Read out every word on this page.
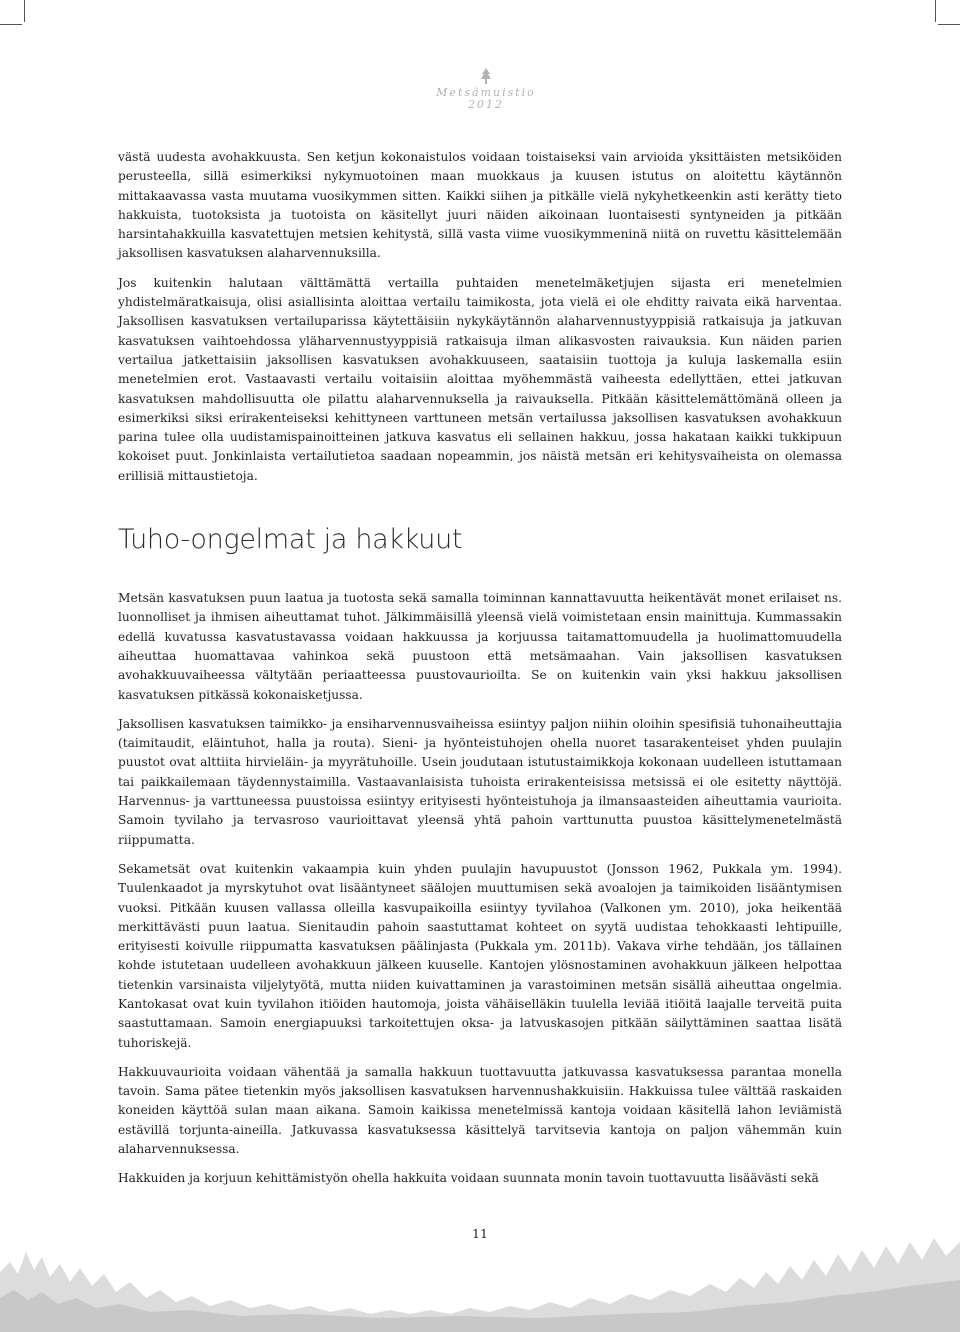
Metsämuistio
2012

västä uudesta avohakkuusta. Sen ketjun kokonaistulos voidaan toistaiseksi vain arvioida yksittäisten metsiköiden perusteella, sillä esimerkiksi nykymuotoinen maan muokkaus ja kuusen istutus on aloitettu käytännön mittakaavassa vasta muutama vuosikymmen sitten. Kaikki siihen ja pitkälle vielä nykyhetkeenkin asti kerätty tieto hakkuista, tuotoksista ja tuotoista on käsitellyt juuri näiden aikoinaan luontaisesti syntyneiden ja pitkään harsintahakkuilla kasvatettujen metsien kehitystä, sillä vasta viime vuosikymmeninä niitä on ruvettu käsittelemään jaksollisen kasvatuksen alaharvennuksilla.

Jos kuitenkin halutaan välttämättä vertailla puhtaiden menetelmäketjujen sijasta eri menetelmien yhdistelmäratkaisuja, olisi asiallisinta aloittaa vertailu taimikosta, jota vielä ei ole ehditty raivata eikä harventaa. Jaksollisen kasvatuksen vertailuparissa käytettäisiin nykykäytännön alaharvennustyyppisiä ratkaisuja ja jatkuvan kasvatuksen vaihtoehdossa yläharvennustyyppisiä ratkaisuja ilman alikasvosten raivauksia. Kun näiden parien vertailua jatkettaisiin jaksollisen kasvatuksen avohakkuuseen, saataisiin tuottoja ja kuluja laskemalla esiin menetelmien erot. Vastaavasti vertailu voitaisiin aloittaa myöhemmästä vaiheesta edellyttäen, ettei jatkuvan kasvatuksen mahdollisuutta ole pilattu alaharvennuksella ja raivauksella. Pitkään käsittelemättömänä olleen ja esimerkiksi siksi erirakenteiseksi kehittyneen varttuneen metsän vertailussa jaksollisen kasvatuksen avohakkuun parina tulee olla uudistamispainoitteinen jatkuva kasvatus eli sellainen hakkuu, jossa hakataan kaikki tukkipuun kokoiset puut. Jonkinlaista vertailutietoa saadaan nopeammin, jos näistä metsän eri kehitysvaiheista on olemassa erillisiä mittaustietoja.

Tuho-ongelmat ja hakkuut

Metsän kasvatuksen puun laatua ja tuotosta sekä samalla toiminnan kannattavuutta heikentävät monet erilaiset ns. luonnolliset ja ihmisen aiheuttamat tuhot. Jälkimmäisillä yleensä vielä voimistetaan ensin mainittuja. Kummassakin edellä kuvatussa kasvatustavassa voidaan hakkuussa ja korjuussa taitamattomuudella ja huolimattomuudella aiheuttaa huomattavaa vahinkoa sekä puustoon että metsämaahan. Vain jaksollisen kasvatuksen avohakkuuvaiheessa vältytään periaatteessa puustovaurioilta. Se on kuitenkin vain yksi hakkuu jaksollisen kasvatuksen pitkässä kokonaisketjussa.

Jaksollisen kasvatuksen taimikko- ja ensiharvennusvaiheissa esiintyy paljon niihin oloihin spesifisiä tuhonaiheuttajia (taimitaudit, eläintuhot, halla ja routa). Sieni- ja hyönteistuhojen ohella nuoret tasarakenteiset yhden puulajin puustot ovat alttiita hirvieläin- ja myyrätuhoille. Usein joudutaan istutustaimikkoja kokonaan uudelleen istuttamaan tai paikkailemaan täydennystaimilla. Vastaavanlaisista tuhoista erirakenteisissa metsissä ei ole esitetty näyttöjä. Harvennus- ja varttuneessa puustoissa esiintyy erityisesti hyönteistuhoja ja ilmansaasteiden aiheuttamia vaurioita. Samoin tyvilaho ja tervasroso vaurioittavat yleensä yhtä pahoin varttunutta puustoa käsittelymenetelmästä riippumatta.

Sekametsät ovat kuitenkin vakaampia kuin yhden puulajin havupuustot (Jonsson 1962, Pukkala ym. 1994). Tuulenkaadot ja myrskytuhot ovat lisääntyneet säälojen muuttumisen sekä avoalojen ja taimikoiden lisääntymisen vuoksi. Pitkään kuusen vallassa olleilla kasvupaikoilla esiintyy tyvilahoa (Valkonen ym. 2010), joka heikentää merkittävästi puun laatua. Sienitaudin pahoin saastuttamat kohteet on syytä uudistaa tehokkaasti lehtipuille, erityisesti koivulle riippumatta kasvatuksen päälinjasta (Pukkala ym. 2011b). Vakava virhe tehdään, jos tällainen kohde istutetaan uudelleen avohakkuun jälkeen kuuselle. Kantojen ylösnostaminen avohakkuun jälkeen helpottaa tietenkin varsinaista viljelytyötä, mutta niiden kuivattaminen ja varastoiminen metsän sisällä aiheuttaa ongelmia. Kantokasat ovat kuin tyvilahon itiöiden hautomoja, joista vähäiselläkin tuulella leviää itiöitä laajalle terveitä puita saastuttamaan. Samoin energiapuuksi tarkoitettujen oksa- ja latvuskasojen pitkään säilyttäminen saattaa lisätä tuhoriskejä.

Hakkuuvaurioita voidaan vähentää ja samalla hakkuun tuottavuutta jatkuvassa kasvatuksessa parantaa monella tavoin. Sama pätee tietenkin myös jaksollisen kasvatuksen harvennushakkuisiin. Hakkuissa tulee välttää raskaiden koneiden käyttöä sulan maan aikana. Samoin kaikissa menetelmissä kantoja voidaan käsitellä lahon leviämistä estävillä torjunta-aineilla. Jatkuvassa kasvatuksessa käsittelyä tarvitsevia kantoja on paljon vähemmän kuin alaharvennuksessa.

Hakkuiden ja korjuun kehittämistyön ohella hakkuita voidaan suunnata monin tavoin tuottavuutta lisäävästi sekä

11
